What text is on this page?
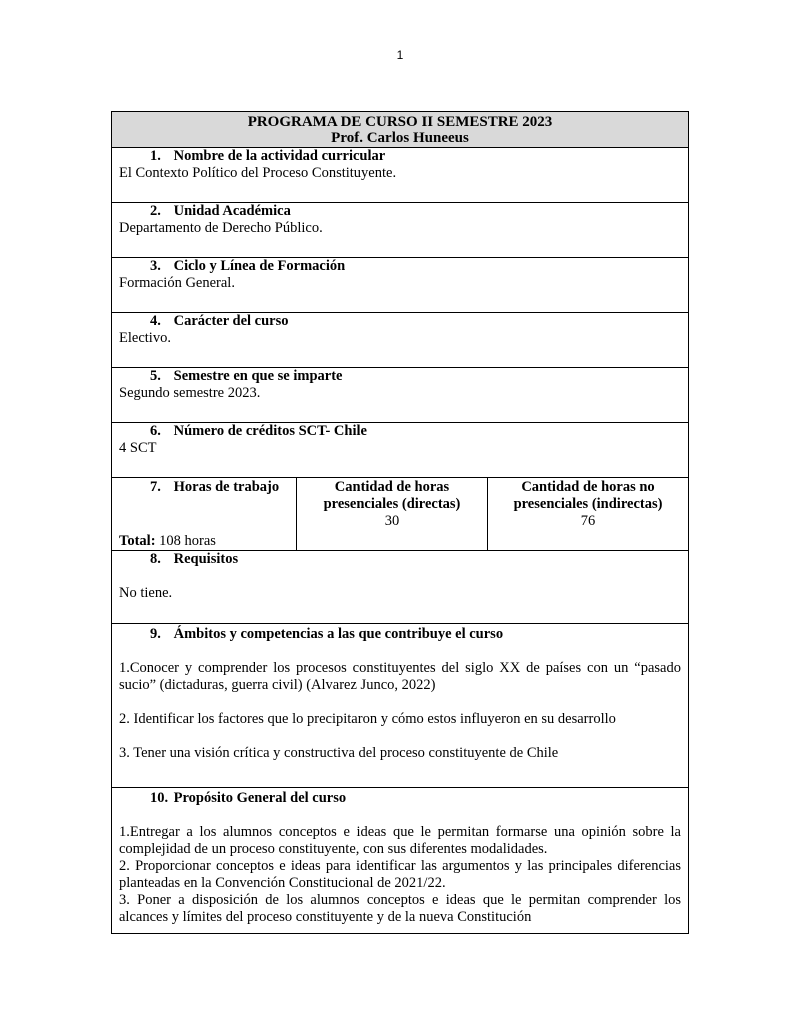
1
PROGRAMA DE CURSO II SEMESTRE 2023
Prof. Carlos Huneeus
1. Nombre de la actividad curricular
El Contexto Político del Proceso Constituyente.
2. Unidad Académica
Departamento de Derecho Público.
3. Ciclo y Línea de Formación
Formación General.
4. Carácter del curso
Electivo.
5. Semestre en que se imparte
Segundo semestre 2023.
6. Número de créditos SCT- Chile
4 SCT
7. Horas de trabajo
Total: 108 horas
Cantidad de horas
presenciales (directas)
30
Cantidad de horas no
presenciales (indirectas)
76
8. Requisitos
No tiene.
9. Ámbitos y competencias a las que contribuye el curso

1.Conocer y comprender los procesos constituyentes del siglo XX de países con un “pasado sucio” (dictaduras, guerra civil) (Alvarez Junco, 2022)

2. Identificar los factores que lo precipitaron y cómo estos influyeron en su desarrollo

3. Tener una visión crítica y constructiva del proceso constituyente de Chile

10. Propósito General del curso

1.Entregar a los alumnos conceptos e ideas que le permitan formarse una opinión sobre la complejidad de un proceso constituyente, con sus diferentes modalidades.

2. Proporcionar conceptos e ideas para identificar las argumentos y las principales diferencias planteadas en la Convención Constitucional de 2021/22.

3. Poner a disposición de los alumnos conceptos e ideas que le permitan comprender los alcances y límites del proceso constituyente y de la nueva Constitución
